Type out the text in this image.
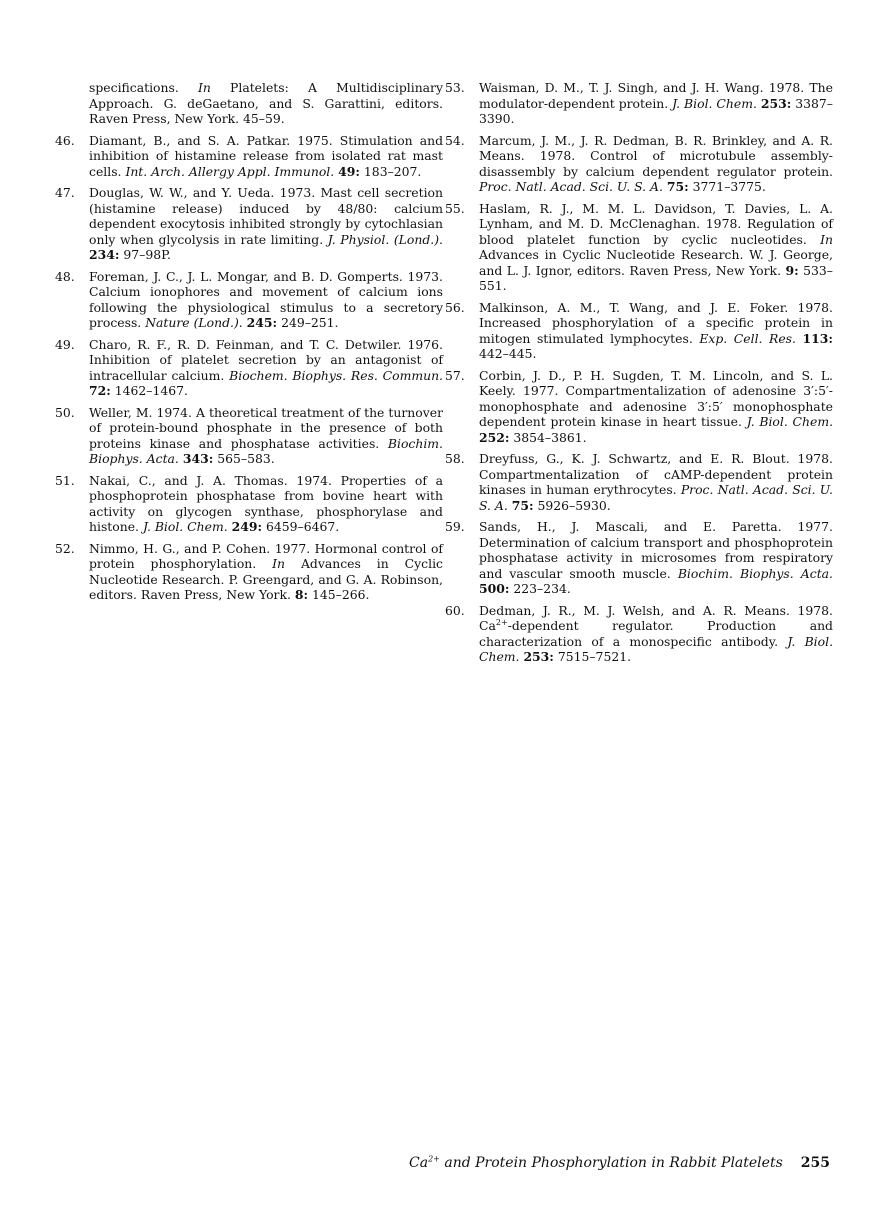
specifications. In Platelets: A Multidisciplinary Approach. G. deGaetano, and S. Garattini, editors. Raven Press, New York. 45–59.
46.	Diamant, B., and S. A. Patkar. 1975. Stimulation and inhibition of histamine release from isolated rat mast cells. Int. Arch. Allergy Appl. Immunol. 49: 183–207.
47.	Douglas, W. W., and Y. Ueda. 1973. Mast cell secretion (histamine release) induced by 48/80: calcium dependent exocytosis inhibited strongly by cytochlasian only when glycolysis in rate limiting. J. Physiol. (Lond.). 234: 97–98P.
48.	Foreman, J. C., J. L. Mongar, and B. D. Gomperts. 1973. Calcium ionophores and movement of calcium ions following the physiological stimulus to a secretory process. Nature (Lond.). 245: 249–251.
49.	Charo, R. F., R. D. Feinman, and T. C. Detwiler. 1976. Inhibition of platelet secretion by an antagonist of intracellular calcium. Biochem. Biophys. Res. Commun. 72: 1462–1467.
50.	Weller, M. 1974. A theoretical treatment of the turnover of protein-bound phosphate in the presence of both proteins kinase and phosphatase activities. Biochim. Biophys. Acta. 343: 565–583.
51.	Nakai, C., and J. A. Thomas. 1974. Properties of a phosphoprotein phosphatase from bovine heart with activity on glycogen synthase, phosphorylase and histone. J. Biol. Chem. 249: 6459–6467.
52.	Nimmo, H. G., and P. Cohen. 1977. Hormonal control of protein phosphorylation. In Advances in Cyclic Nucleotide Research. P. Greengard, and G. A. Robinson, editors. Raven Press, New York. 8: 145–266.
53.	Waisman, D. M., T. J. Singh, and J. H. Wang. 1978. The modulator-dependent protein. J. Biol. Chem. 253: 3387–3390.
54.	Marcum, J. M., J. R. Dedman, B. R. Brinkley, and A. R. Means. 1978. Control of microtubule assembly-disassembly by calcium dependent regulator protein. Proc. Natl. Acad. Sci. U. S. A. 75: 3771–3775.
55.	Haslam, R. J., M. M. L. Davidson, T. Davies, L. A. Lynham, and M. D. McClenaghan. 1978. Regulation of blood platelet function by cyclic nucleotides. In Advances in Cyclic Nucleotide Research. W. J. George, and L. J. Ignor, editors. Raven Press, New York. 9: 533–551.
56.	Malkinson, A. M., T. Wang, and J. E. Foker. 1978. Increased phosphorylation of a specific protein in mitogen stimulated lymphocytes. Exp. Cell. Res. 113: 442–445.
57.	Corbin, J. D., P. H. Sugden, T. M. Lincoln, and S. L. Keely. 1977. Compartmentalization of adenosine 3′:5′-monophosphate and adenosine 3′:5′ monophosphate dependent protein kinase in heart tissue. J. Biol. Chem. 252: 3854–3861.
58.	Dreyfuss, G., K. J. Schwartz, and E. R. Blout. 1978. Compartmentalization of cAMP-dependent protein kinases in human erythrocytes. Proc. Natl. Acad. Sci. U. S. A. 75: 5926–5930.
59.	Sands, H., J. Mascali, and E. Paretta. 1977. Determination of calcium transport and phosphoprotein phosphatase activity in microsomes from respiratory and vascular smooth muscle. Biochim. Biophys. Acta. 500: 223–234.
60.	Dedman, J. R., M. J. Welsh, and A. R. Means. 1978. $Ca^{2+}$-dependent regulator. Production and characterization of a monospecific antibody. J. Biol. Chem. 253: 7515–7521.
$Ca^{2+}$ and Protein Phosphorylation in Rabbit Platelets 255
